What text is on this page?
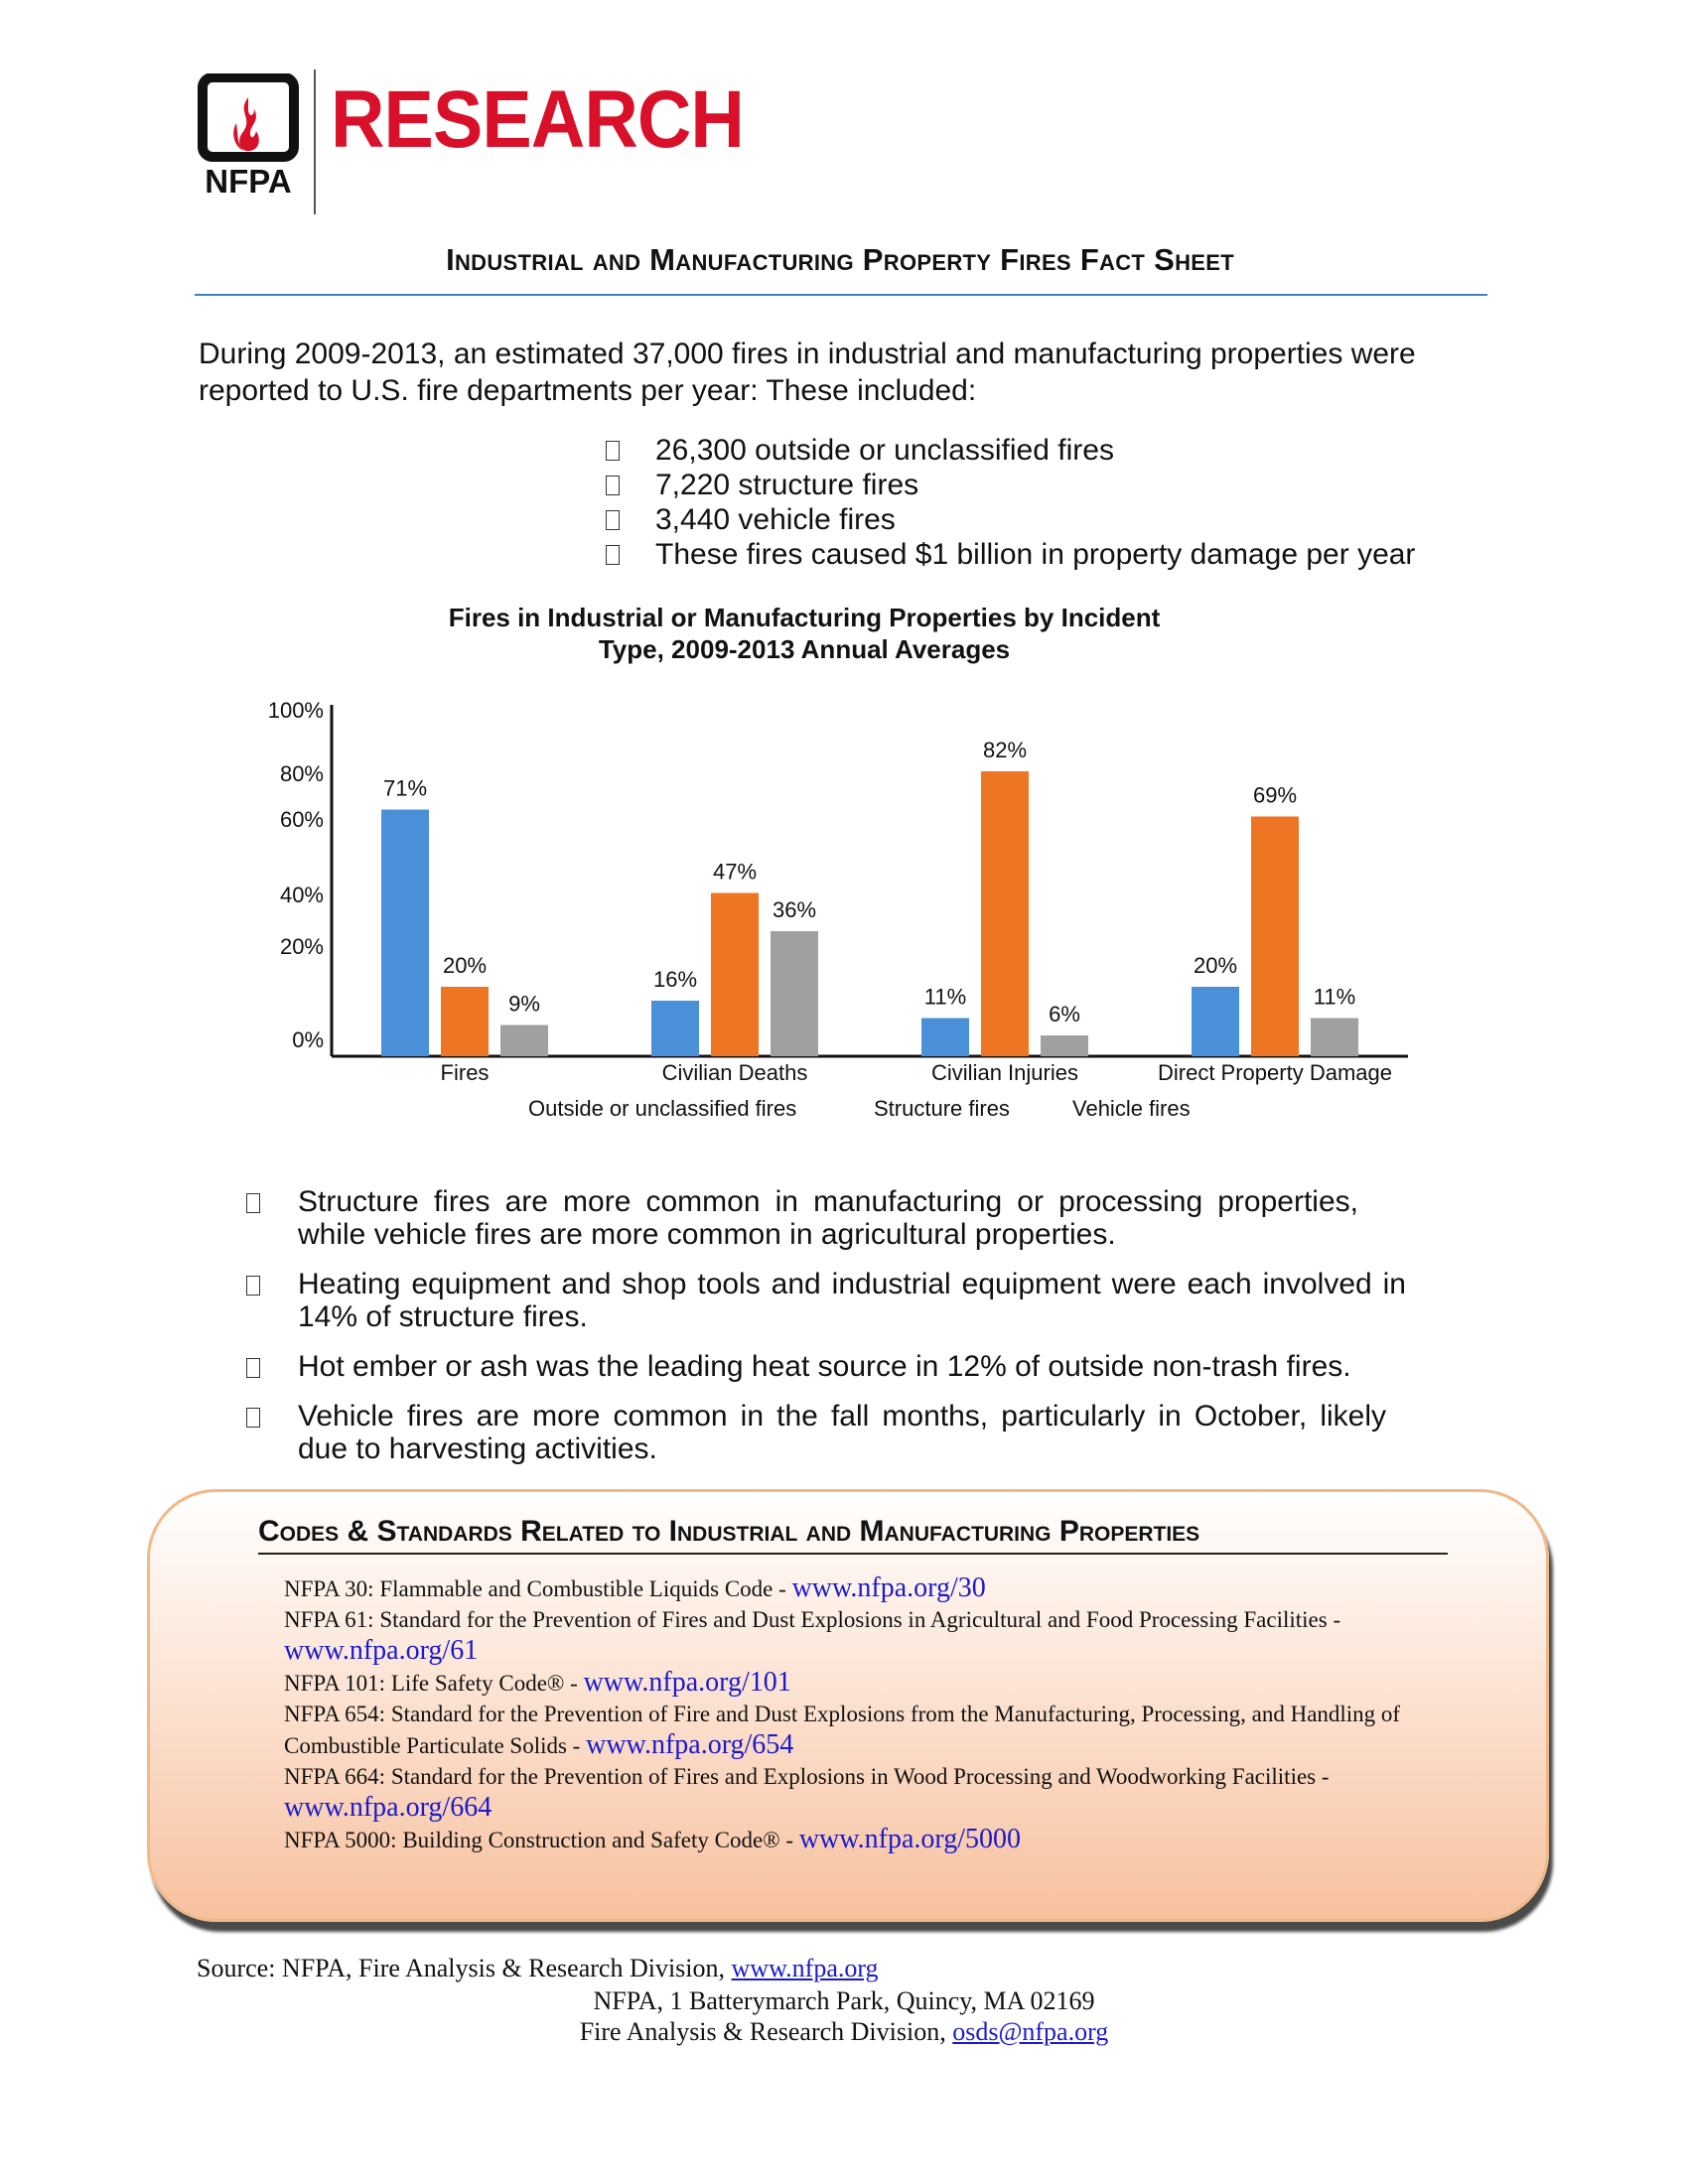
NFPA
RESEARCH
Industrial and Manufacturing Property Fires Fact Sheet
During 2009-2013, an estimated 37,000 fires in industrial and manufacturing properties were reported to U.S. fire departments per year: These included:
26,300 outside or unclassified fires
7,220 structure fires
3,440 vehicle fires
These fires caused $1 billion in property damage per year
Fires in Industrial or Manufacturing Properties by Incident
Type, 2009-2013 Annual Averages
100%
80%
60%
40%
20%
0%
71%
20%
9%
Fires
16%
47%
36%
Civilian Deaths
11%
82%
6%
Civilian Injuries
20%
69%
11%
Direct Property Damage
Outside or unclassified fires	Structure fires	Vehicle fires
Structure fires are more common in manufacturing or processing properties, while vehicle fires are more common in agricultural properties.
Heating equipment and shop tools and industrial equipment were each involved in 14% of structure fires.
Hot ember or ash was the leading heat source in 12% of outside non-trash fires.
Vehicle fires are more common in the fall months, particularly in October, likely due to harvesting activities.
Codes & Standards Related to Industrial and Manufacturing Properties
NFPA 30: Flammable and Combustible Liquids Code - www.nfpa.org/30
NFPA 61: Standard for the Prevention of Fires and Dust Explosions in Agricultural and Food Processing Facilities -
www.nfpa.org/61
NFPA 101: Life Safety Code® - www.nfpa.org/101
NFPA 654: Standard for the Prevention of Fire and Dust Explosions from the Manufacturing, Processing, and Handling of Combustible Particulate Solids - www.nfpa.org/654
NFPA 664: Standard for the Prevention of Fires and Explosions in Wood Processing and Woodworking Facilities -
www.nfpa.org/664
NFPA 5000: Building Construction and Safety Code® - www.nfpa.org/5000
Source: NFPA, Fire Analysis & Research Division, www.nfpa.org
NFPA, 1 Batterymarch Park, Quincy, MA 02169
Fire Analysis & Research Division, osds@nfpa.org
